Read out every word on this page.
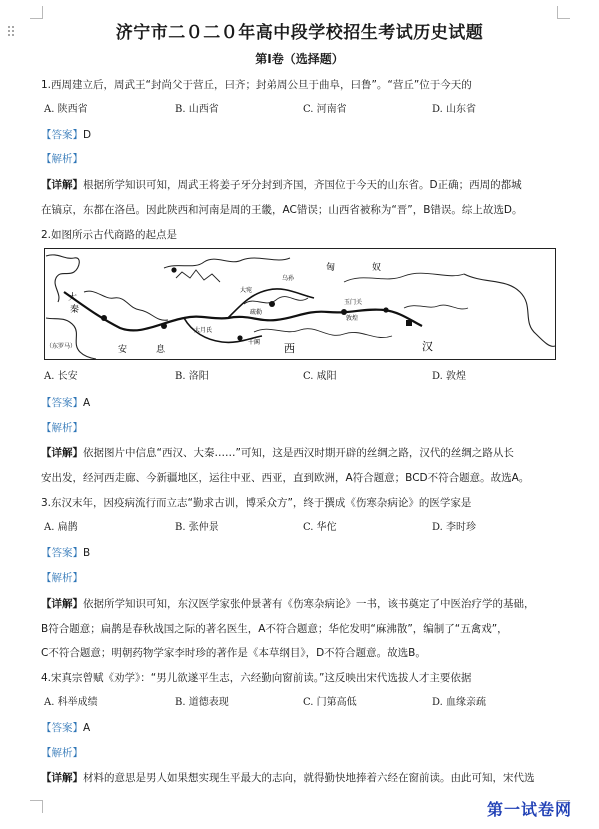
济宁市二０二０年高中段学校招生考试历史试题
第Ⅰ卷（选择题）
1.西周建立后，周武王“封尚父于营丘，曰齐；封弟周公旦于曲阜，曰鲁”。“营丘”位于今天的
A. 陕西省	B. 山西省	C. 河南省	D. 山东省
【答案】D
【解析】
【详解】根据所学知识可知，周武王将姜子牙分封到齐国，齐国位于今天的山东省。D正确；西周的都城
在镐京，东都在洛邑。因此陕西和河南是周的王畿，AC错误；山西省被称为“晋”，B错误。综上故选D。
2.如图所示古代商路的起点是
匈	奴
大
秦
安	息	西	汉
玉门关
敦煌
大宛
大月氏
疏勒
千阗
（东罗马）
乌孙
A. 长安	B. 洛阳	C. 咸阳	D. 敦煌
【答案】A
【解析】
【详解】依据图片中信息“西汉、大秦……”可知，这是西汉时期开辟的丝绸之路，汉代的丝绸之路从长
安出发，经河西走廊、今新疆地区，运往中亚、西亚，直到欧洲，A符合题意；BCD不符合题意。故选A。
3.东汉末年，因疫病流行而立志“勤求古训，博采众方”，终于撰成《伤寒杂病论》的医学家是
A. 扁鹊	B. 张仲景	C. 华佗	D. 李时珍
【答案】B
【解析】
【详解】依据所学知识可知，东汉医学家张仲景著有《伤寒杂病论》一书，该书奠定了中医治疗学的基础，
B符合题意；扁鹊是春秋战国之际的著名医生，A不符合题意；华佗发明“麻沸散”，编制了“五禽戏”，
C不符合题意；明朝药物学家李时珍的著作是《本草纲目》，D不符合题意。故选B。
4.宋真宗曾赋《劝学》：“男儿欲遂平生志，六经勤向窗前读。”这反映出宋代选拔人才主要依据
A. 科举成绩	B. 道德表现	C. 门第高低	D. 血缘亲疏
【答案】A
【解析】
【详解】材料的意思是男人如果想实现生平最大的志向，就得勤快地捧着六经在窗前读。由此可知，宋代选
第一试卷网
